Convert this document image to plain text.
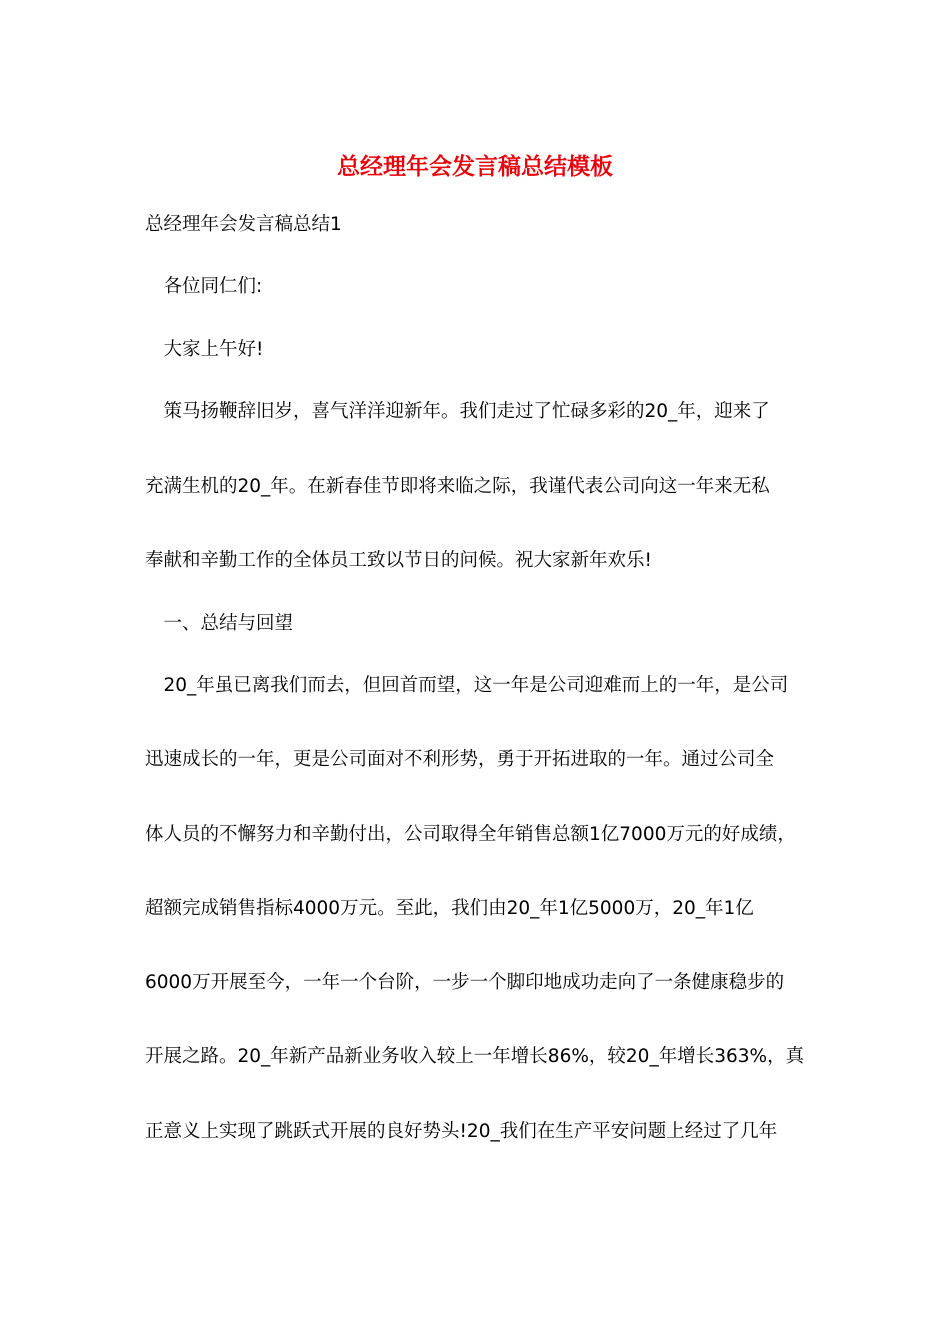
总经理年会发言稿总结模板
总经理年会发言稿总结1
　各位同仁们:
　大家上午好!
　策马扬鞭辞旧岁，喜气洋洋迎新年。我们走过了忙碌多彩的20_年，迎来了
充满生机的20_年。在新春佳节即将来临之际，我谨代表公司向这一年来无私
奉献和辛勤工作的全体员工致以节日的问候。祝大家新年欢乐!
　一、总结与回望
　20_年虽已离我们而去，但回首而望，这一年是公司迎难而上的一年，是公司
迅速成长的一年，更是公司面对不利形势，勇于开拓进取的一年。通过公司全
体人员的不懈努力和辛勤付出，公司取得全年销售总额1亿7000万元的好成绩，
超额完成销售指标4000万元。至此，我们由20_年1亿5000万，20_年1亿
6000万开展至今，一年一个台阶，一步一个脚印地成功走向了一条健康稳步的
开展之路。20_年新产品新业务收入较上一年增长86%，较20_年增长363%，真
正意义上实现了跳跃式开展的良好势头!20_我们在生产平安问题上经过了几年
